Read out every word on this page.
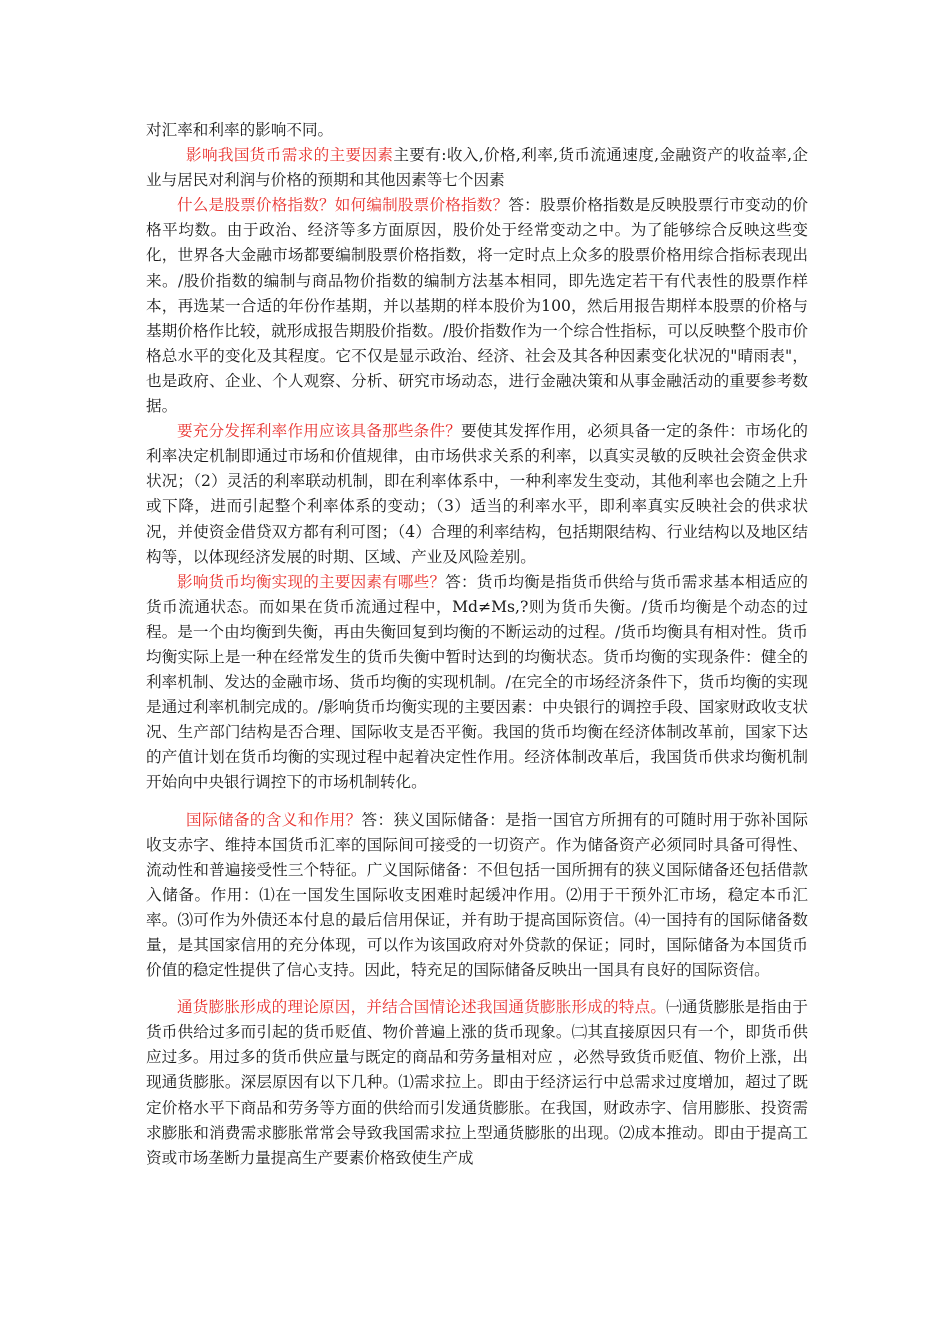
对汇率和利率的影响不同。

影响我国货币需求的主要因素主要有:收入,价格,利率,货币流通速度,金融资产的收益率,企业与居民对利润与价格的预期和其他因素等七个因素

什么是股票价格指数？如何编制股票价格指数？答：股票价格指数是反映股票行市变动的价格平均数。由于政治、经济等多方面原因，股价处于经常变动之中。为了能够综合反映这些变化，世界各大金融市场都要编制股票价格指数，将一定时点上众多的股票价格用综合指标表现出来。/股价指数的编制与商品物价指数的编制方法基本相同，即先选定若干有代表性的股票作样本，再选某一合适的年份作基期，并以基期的样本股价为100，然后用报告期样本股票的价格与基期价格作比较，就形成报告期股价指数。/股价指数作为一个综合性指标，可以反映整个股市价格总水平的变化及其程度。它不仅是显示政治、经济、社会及其各种因素变化状况的"晴雨表"，也是政府、企业、个人观察、分析、研究市场动态，进行金融决策和从事金融活动的重要参考数据。

要充分发挥利率作用应该具备那些条件？要使其发挥作用，必须具备一定的条件：市场化的利率决定机制即通过市场和价值规律，由市场供求关系的利率，以真实灵敏的反映社会资金供求状况；（2）灵活的利率联动机制，即在利率体系中，一种利率发生变动，其他利率也会随之上升或下降，进而引起整个利率体系的变动；（3）适当的利率水平，即利率真实反映社会的供求状况，并使资金借贷双方都有利可图；（4）合理的利率结构，包括期限结构、行业结构以及地区结构等，以体现经济发展的时期、区域、产业及风险差别。

影响货币均衡实现的主要因素有哪些？答：货币均衡是指货币供给与货币需求基本相适应的货币流通状态。而如果在货币流通过程中，Md≠Ms,?则为货币失衡。/货币均衡是个动态的过程。是一个由均衡到失衡，再由失衡回复到均衡的不断运动的过程。/货币均衡具有相对性。货币均衡实际上是一种在经常发生的货币失衡中暂时达到的均衡状态。货币均衡的实现条件：健全的利率机制、发达的金融市场、货币均衡的实现机制。/在完全的市场经济条件下，货币均衡的实现是通过利率机制完成的。/影响货币均衡实现的主要因素：中央银行的调控手段、国家财政收支状况、生产部门结构是否合理、国际收支是否平衡。我国的货币均衡在经济体制改革前，国家下达的产值计划在货币均衡的实现过程中起着决定性作用。经济体制改革后，我国货币供求均衡机制开始向中央银行调控下的市场机制转化。

国际储备的含义和作用？答：狭义国际储备：是指一国官方所拥有的可随时用于弥补国际收支赤字、维持本国货币汇率的国际间可接受的一切资产。作为储备资产必须同时具备可得性、流动性和普遍接受性三个特征。广义国际储备：不但包括一国所拥有的狭义国际储备还包括借款入储备。作用：⑴在一国发生国际收支困难时起缓冲作用。⑵用于干预外汇市场，稳定本币汇率。⑶可作为外债还本付息的最后信用保证，并有助于提高国际资信。⑷一国持有的国际储备数量，是其国家信用的充分体现，可以作为该国政府对外贷款的保证；同时，国际储备为本国货币价值的稳定性提供了信心支持。因此，特充足的国际储备反映出一国具有良好的国际资信。

通货膨胀形成的理论原因，并结合国情论述我国通货膨胀形成的特点。㈠通货膨胀是指由于货币供给过多而引起的货币贬值、物价普遍上涨的货币现象。㈡其直接原因只有一个，即货币供应过多。用过多的货币供应量与既定的商品和劳务量相对应 ，必然导致货币贬值、物价上涨，出现通货膨胀。深层原因有以下几种。⑴需求拉上。即由于经济运行中总需求过度增加，超过了既定价格水平下商品和劳务等方面的供给而引发通货膨胀。在我国，财政赤字、信用膨胀、投资需求膨胀和消费需求膨胀常常会导致我国需求拉上型通货膨胀的出现。⑵成本推动。即由于提高工资或市场垄断力量提高生产要素价格致使生产成
